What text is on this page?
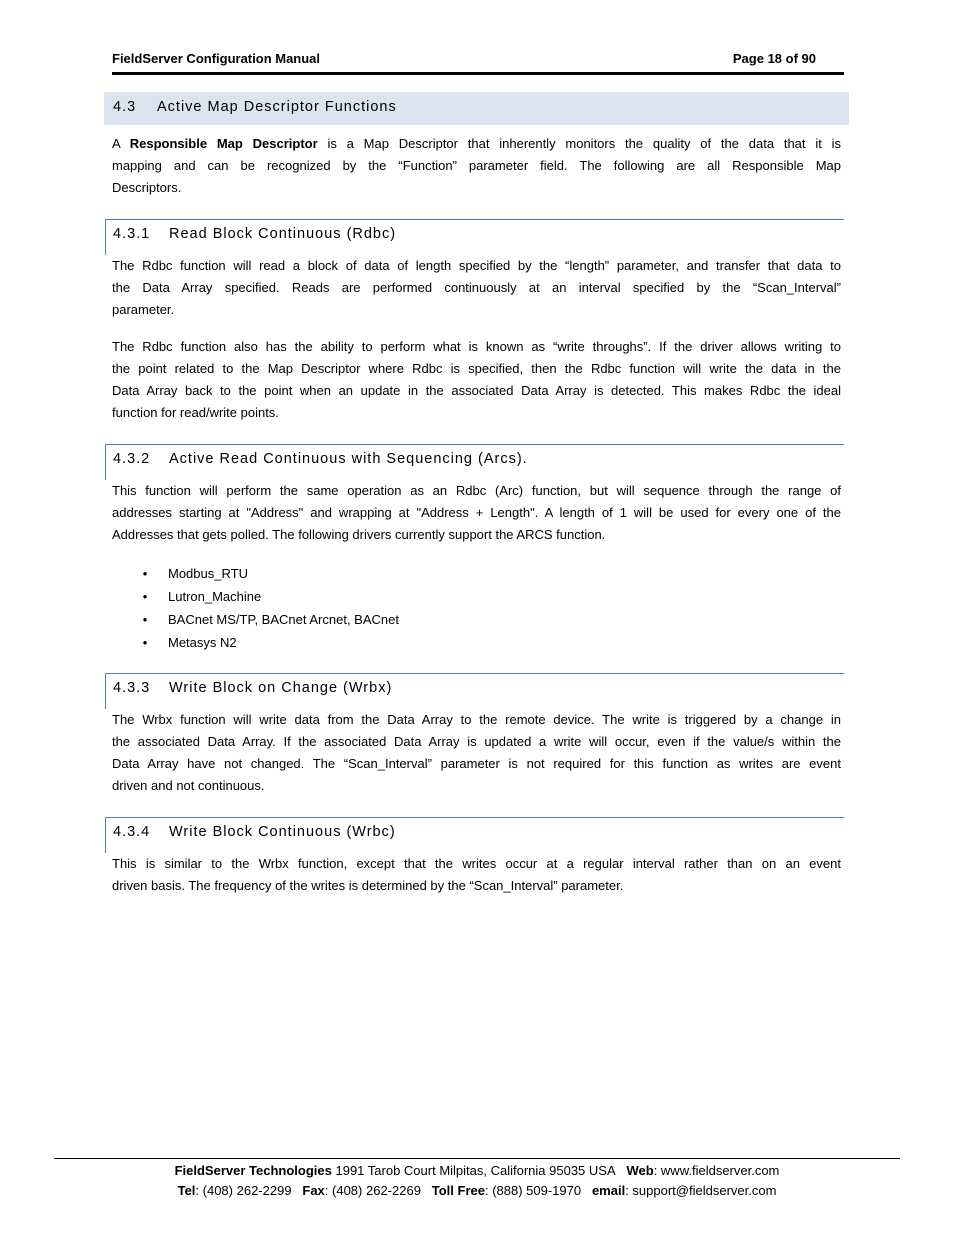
FieldServer Configuration Manual	Page 18 of 90
4.3 Active Map Descriptor Functions
A Responsible Map Descriptor is a Map Descriptor that inherently monitors the quality of the data that it is
mapping and can be recognized by the “Function” parameter field. The following are all Responsible Map
Descriptors.
4.3.1 Read Block Continuous (Rdbc)
The Rdbc function will read a block of data of length specified by the “length” parameter, and transfer that data to
the Data Array specified. Reads are performed continuously at an interval specified by the “Scan_Interval”
parameter.
The Rdbc function also has the ability to perform what is known as “write throughs”. If the driver allows writing to
the point related to the Map Descriptor where Rdbc is specified, then the Rdbc function will write the data in the
Data Array back to the point when an update in the associated Data Array is detected. This makes Rdbc the ideal
function for read/write points.
4.3.2 Active Read Continuous with Sequencing (Arcs).
This function will perform the same operation as an Rdbc (Arc) function, but will sequence through the range of
addresses starting at "Address" and wrapping at "Address + Length". A length of 1 will be used for every one of the
Addresses that gets polled. The following drivers currently support the ARCS function.
• Modbus_RTU
• Lutron_Machine
• BACnet MS/TP, BACnet Arcnet, BACnet
• Metasys N2
4.3.3 Write Block on Change (Wrbx)
The Wrbx function will write data from the Data Array to the remote device. The write is triggered by a change in
the associated Data Array. If the associated Data Array is updated a write will occur, even if the value/s within the
Data Array have not changed. The “Scan_Interval” parameter is not required for this function as writes are event
driven and not continuous.
4.3.4 Write Block Continuous (Wrbc)
This is similar to the Wrbx function, except that the writes occur at a regular interval rather than on an event
driven basis. The frequency of the writes is determined by the “Scan_Interval” parameter.
FieldServer Technologies 1991 Tarob Court Milpitas, California 95035 USA Web: www.fieldserver.com
Tel: (408) 262-2299 Fax: (408) 262-2269 Toll Free: (888) 509-1970 email: support@fieldserver.com
